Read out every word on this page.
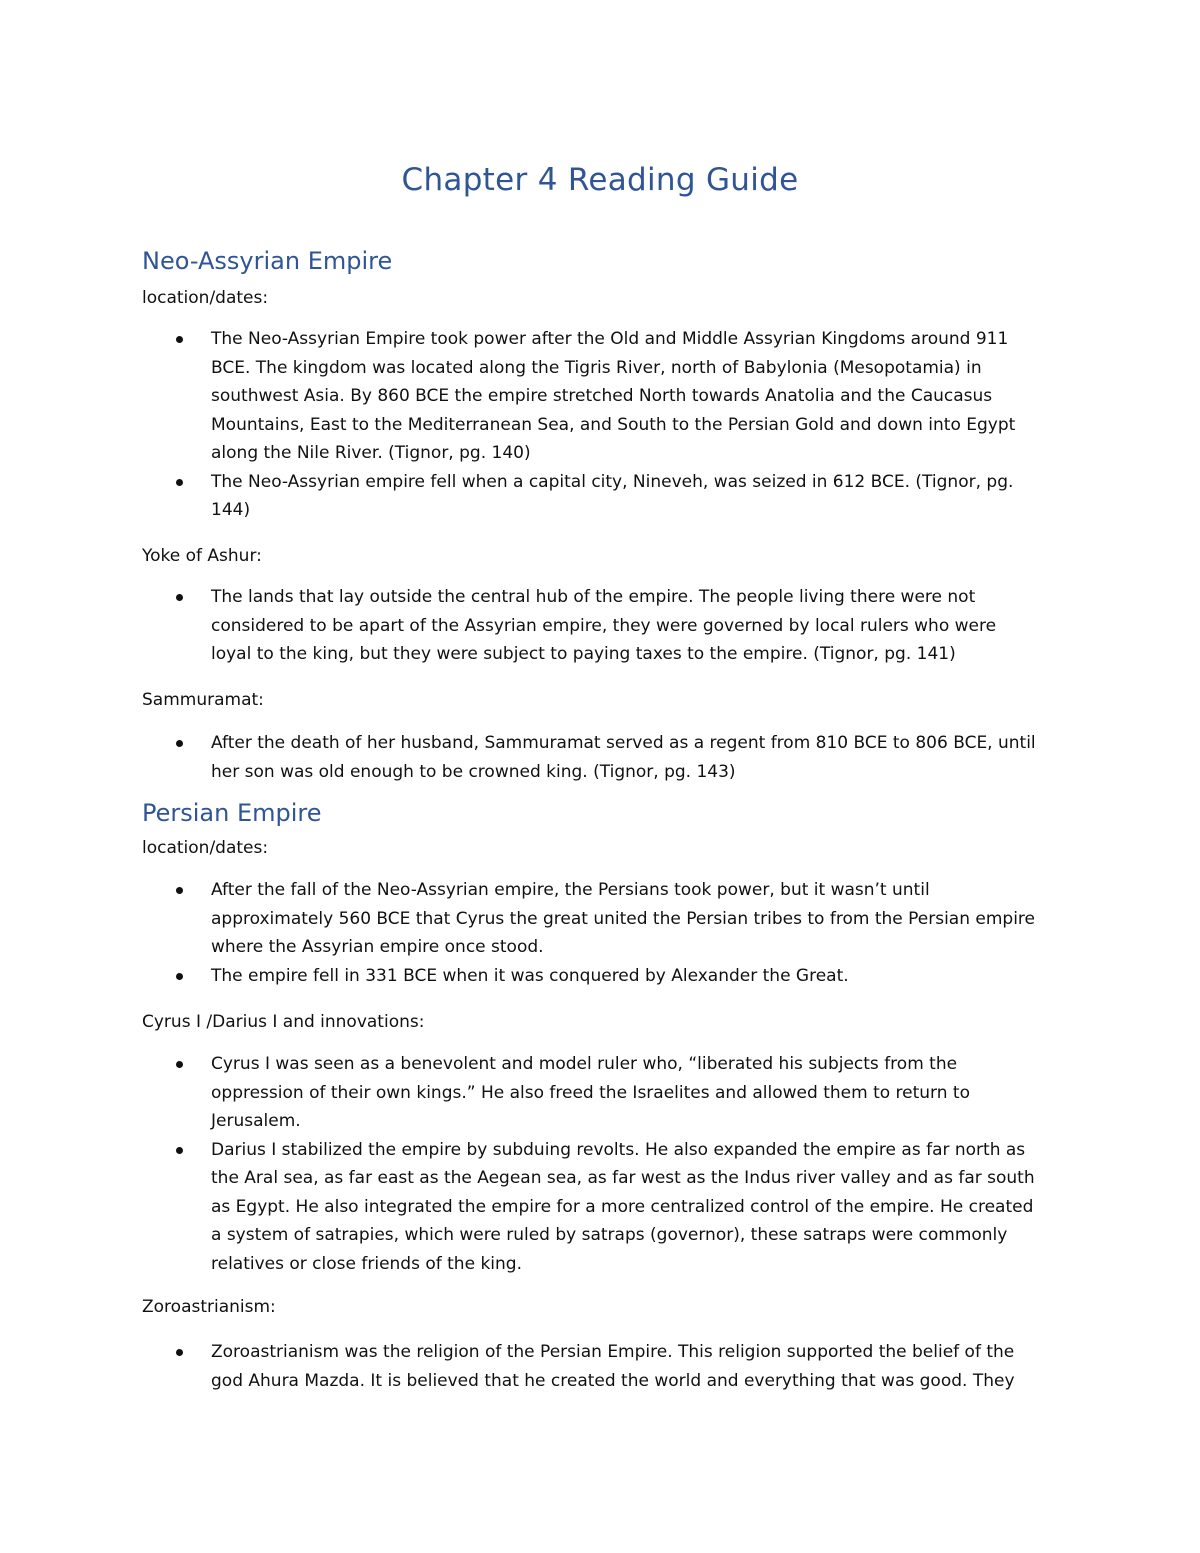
Chapter 4 Reading Guide
Neo-Assyrian Empire

location/dates:

The Neo-Assyrian Empire took power after the Old and Middle Assyrian Kingdoms around 911
BCE. The kingdom was located along the Tigris River, north of Babylonia (Mesopotamia) in
southwest Asia. By 860 BCE the empire stretched North towards Anatolia and the Caucasus
Mountains, East to the Mediterranean Sea, and South to the Persian Gold and down into Egypt
along the Nile River. (Tignor, pg. 140)
The Neo-Assyrian empire fell when a capital city, Nineveh, was seized in 612 BCE. (Tignor, pg.
144)

Yoke of Ashur:

The lands that lay outside the central hub of the empire. The people living there were not
considered to be apart of the Assyrian empire, they were governed by local rulers who were
loyal to the king, but they were subject to paying taxes to the empire. (Tignor, pg. 141)

Sammuramat:

After the death of her husband, Sammuramat served as a regent from 810 BCE to 806 BCE, until
her son was old enough to be crowned king. (Tignor, pg. 143)
Persian Empire

location/dates:

After the fall of the Neo-Assyrian empire, the Persians took power, but it wasn’t until
approximately 560 BCE that Cyrus the great united the Persian tribes to from the Persian empire
where the Assyrian empire once stood.
The empire fell in 331 BCE when it was conquered by Alexander the Great.

Cyrus I /Darius I and innovations:

Cyrus I was seen as a benevolent and model ruler who, “liberated his subjects from the
oppression of their own kings.” He also freed the Israelites and allowed them to return to
Jerusalem.
Darius I stabilized the empire by subduing revolts. He also expanded the empire as far north as
the Aral sea, as far east as the Aegean sea, as far west as the Indus river valley and as far south
as Egypt. He also integrated the empire for a more centralized control of the empire. He created
a system of satrapies, which were ruled by satraps (governor), these satraps were commonly
relatives or close friends of the king.

Zoroastrianism:

Zoroastrianism was the religion of the Persian Empire. This religion supported the belief of the
god Ahura Mazda. It is believed that he created the world and everything that was good. They
